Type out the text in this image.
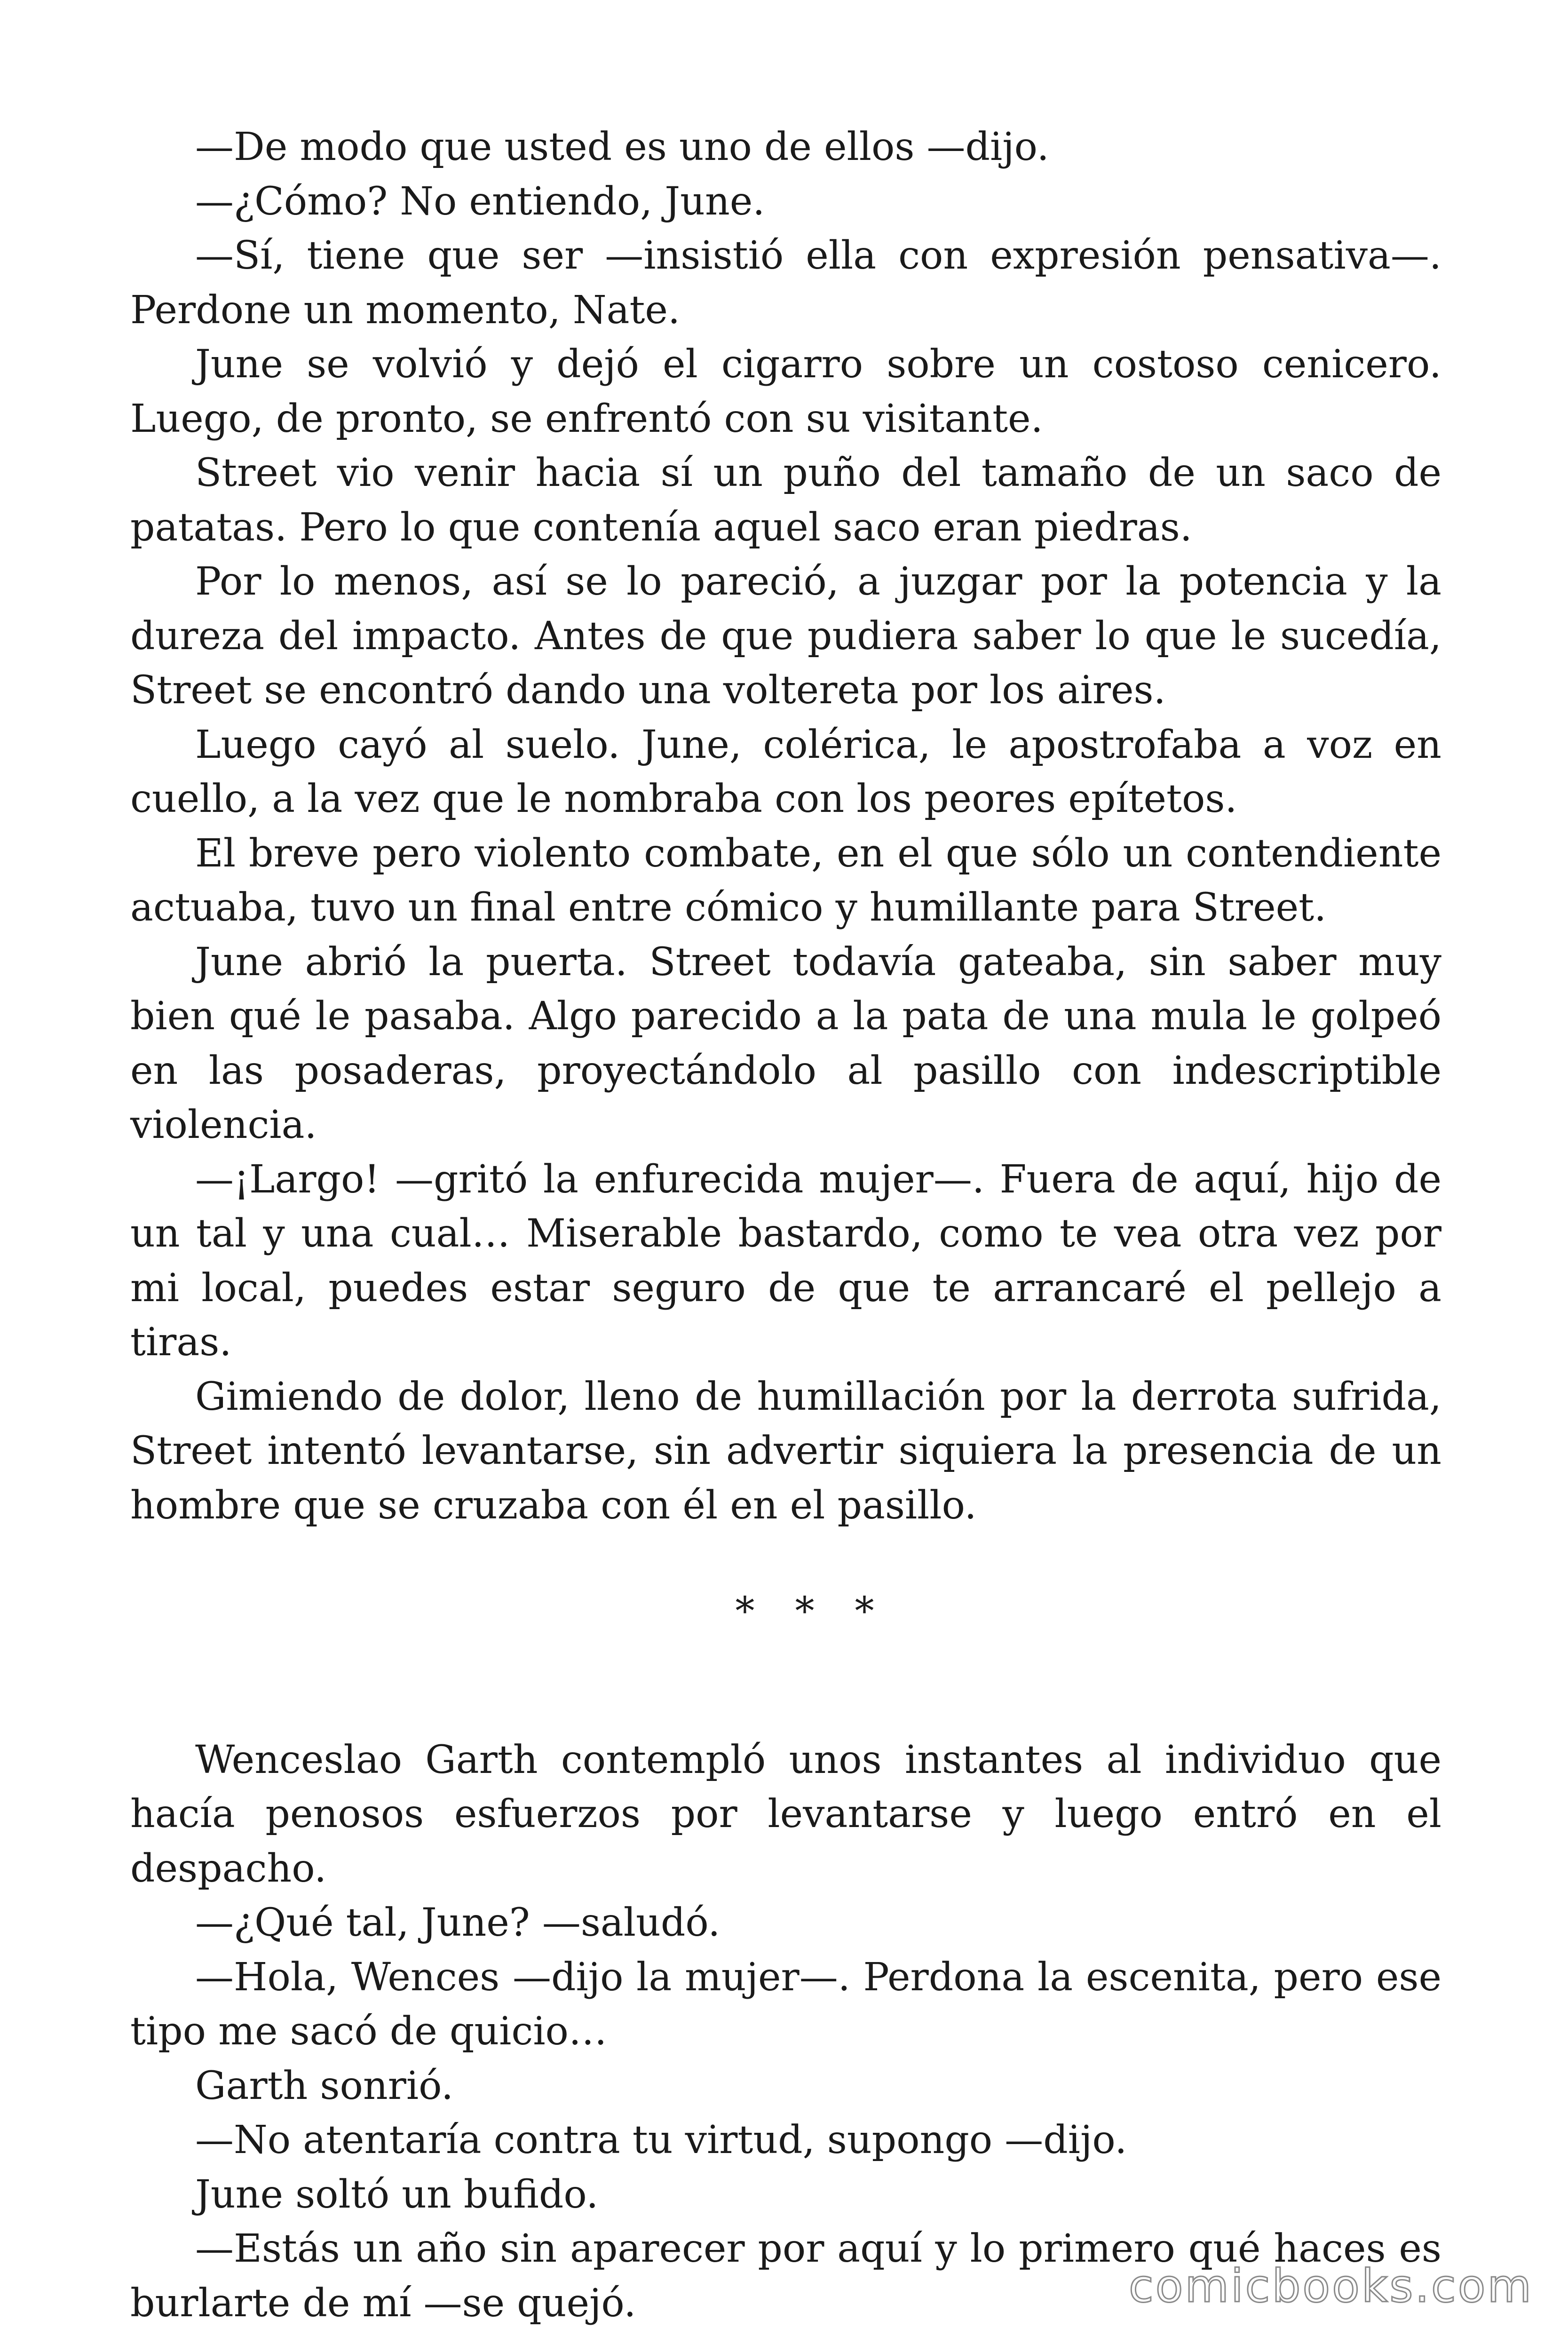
—De modo que usted es uno de ellos —dijo.

—¿Cómo? No entiendo, June.

—Sí, tiene que ser —insistió ella con expresión pensativa—. Perdone un momento, Nate.

June se volvió y dejó el cigarro sobre un costoso cenicero. Luego, de pronto, se enfrentó con su visitante.

Street vio venir hacia sí un puño del tamaño de un saco de patatas. Pero lo que contenía aquel saco eran piedras.

Por lo menos, así se lo pareció, a juzgar por la potencia y la dureza del impacto. Antes de que pudiera saber lo que le sucedía, Street se encontró dando una voltereta por los aires.

Luego cayó al suelo. June, colérica, le apostrofaba a voz en cuello, a la vez que le nombraba con los peores epítetos.

El breve pero violento combate, en el que sólo un contendiente actuaba, tuvo un final entre cómico y humillante para Street.

June abrió la puerta. Street todavía gateaba, sin saber muy bien qué le pasaba. Algo parecido a la pata de una mula le golpeó en las posaderas, proyectándolo al pasillo con indescriptible violencia.

—¡Largo! —gritó la enfurecida mujer—. Fuera de aquí, hijo de un tal y una cual… Miserable bastardo, como te vea otra vez por mi local, puedes estar seguro de que te arrancaré el pellejo a tiras.

Gimiendo de dolor, lleno de humillación por la derrota sufrida, Street intentó levantarse, sin advertir siquiera la presencia de un hombre que se cruzaba con él en el pasillo.

* * *

Wenceslao Garth contempló unos instantes al individuo que hacía penosos esfuerzos por levantarse y luego entró en el despacho.

—¿Qué tal, June? —saludó.

—Hola, Wences —dijo la mujer—. Perdona la escenita, pero ese tipo me sacó de quicio…

Garth sonrió.

—No atentaría contra tu virtud, supongo —dijo.

June soltó un bufido.

—Estás un año sin aparecer por aquí y lo primero qué haces es burlarte de mí —se quejó.	comicbooks.com
